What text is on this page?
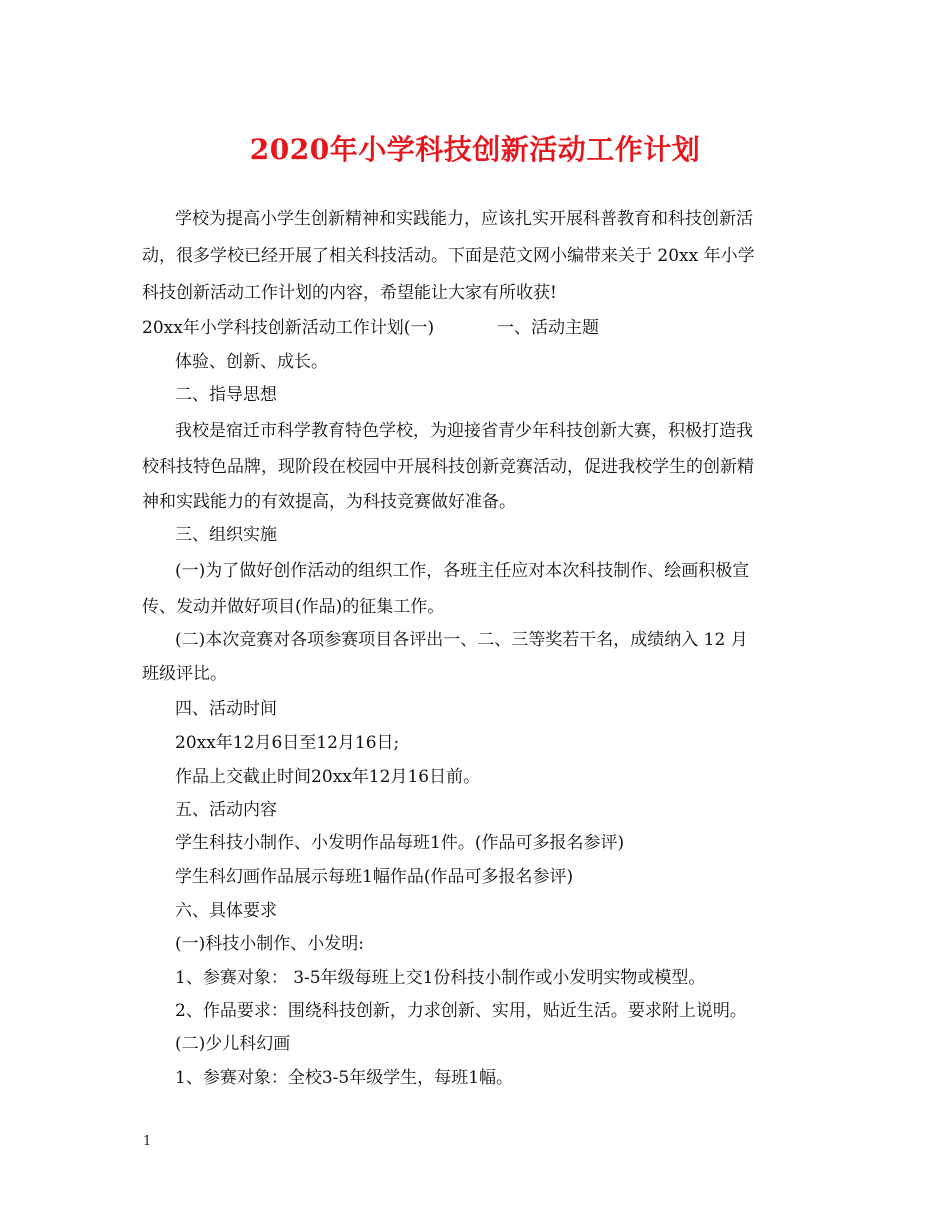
2020年小学科技创新活动工作计划
学校为提高小学生创新精神和实践能力，应该扎实开展科普教育和科技创新活
动，很多学校已经开展了相关科技活动。下面是范文网小编带来关于 20xx 年小学
科技创新活动工作计划的内容，希望能让大家有所收获!
20xx年小学科技创新活动工作计划(一)	一、活动主题
体验、创新、成长。
二、指导思想
我校是宿迁市科学教育特色学校，为迎接省青少年科技创新大赛，积极打造我
校科技特色品牌，现阶段在校园中开展科技创新竞赛活动，促进我校学生的创新精
神和实践能力的有效提高，为科技竞赛做好准备。
三、组织实施
(一)为了做好创作活动的组织工作，各班主任应对本次科技制作、绘画积极宣
传、发动并做好项目(作品)的征集工作。
(二)本次竞赛对各项参赛项目各评出一、二、三等奖若干名，成绩纳入 12 月
班级评比。
四、活动时间
20xx年12月6日至12月16日;
作品上交截止时间20xx年12月16日前。
五、活动内容
学生科技小制作、小发明作品每班1件。(作品可多报名参评)
学生科幻画作品展示每班1幅作品(作品可多报名参评)
六、具体要求
(一)科技小制作、小发明:
1、参赛对象： 3-5年级每班上交1份科技小制作或小发明实物或模型。
2、作品要求：围绕科技创新，力求创新、实用，贴近生活。要求附上说明。
(二)少儿科幻画
1、参赛对象：全校3-5年级学生，每班1幅。
1
